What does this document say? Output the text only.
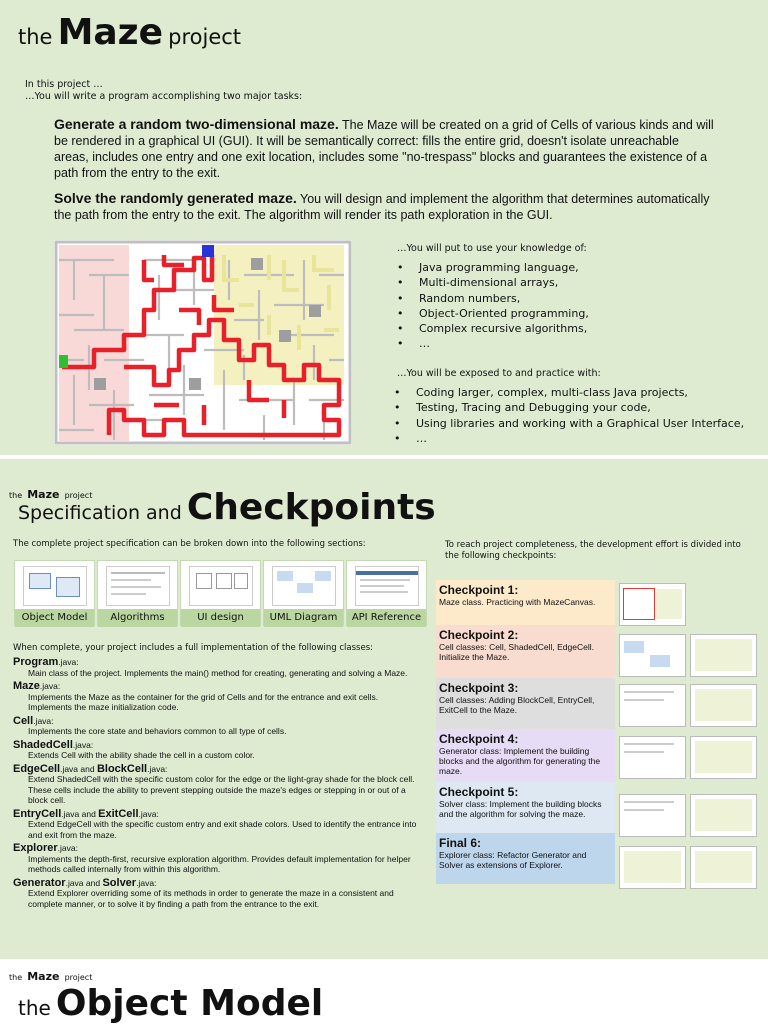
the Maze project
In this project …
…You will write a program accomplishing two major tasks:
Generate a random two-dimensional maze. The Maze will be created on a grid of Cells of various kinds and will be rendered in a graphical UI (GUI). It will be semantically correct: fills the entire grid, doesn't isolate unreachable areas, includes one entry and one exit location, includes some "no-trespass" blocks and guarantees the existence of a path from the entry to the exit.
Solve the randomly generated maze. You will design and implement the algorithm that determines automatically the path from the entry to the exit. The algorithm will render its path exploration in the GUI.
…You will put to use your knowledge of:
• Java programming language,
• Multi-dimensional arrays,
• Random numbers,
• Object-Oriented programming,
• Complex recursive algorithms,
• …
…You will be exposed to and practice with:
• Coding larger, complex, multi-class Java projects,
• Testing, Tracing and Debugging your code,
• Using libraries and working with a Graphical User Interface,
• …
the Maze project
Specification and Checkpoints
The complete project specification can be broken down into the following sections:
Object Model	Algorithms	UI design	UML Diagram	API Reference
When complete, your project includes a full implementation of the following classes:
Program.java:
Main class of the project. Implements the main() method for creating, generating and solving a Maze.
Maze.java:
Implements the Maze as the container for the grid of Cells and for the entrance and exit cells. Implements the maze initialization code.
Cell.java:
Implements the core state and behaviors common to all type of cells.
ShadedCell.java:
Extends Cell with the ability shade the cell in a custom color.
EdgeCell.java and BlockCell.java:
Extend ShadedCell with the specific custom color for the edge or the light-gray shade for the block cell. These cells include the ability to prevent stepping outside the maze's edges or stepping in or out of a block cell.
EntryCell.java and ExitCell.java:
Extend EdgeCell with the specific custom entry and exit shade colors. Used to identify the entrance into and exit from the maze.
Explorer.java:
Implements the depth-first, recursive exploration algorithm. Provides default implementation for helper methods called internally from within this algorithm.
Generator.java and Solver.java:
Extend Explorer overriding some of its methods in order to generate the maze in a consistent and complete manner, or to solve it by finding a path from the entrance to the exit.
To reach project completeness, the development effort is divided into the following checkpoints:
Checkpoint 1:
Maze class. Practicing with MazeCanvas.
Checkpoint 2:
Cell classes: Cell, ShadedCell, EdgeCell. Initialize the Maze.
Checkpoint 3:
Cell classes: Adding BlockCell, EntryCell, ExitCell to the Maze.
Checkpoint 4:
Generator class: Implement the building blocks and the algorithm for generating the maze.
Checkpoint 5:
Solver class: Implement the building blocks and the algorithm for solving the maze.
Final 6:
Explorer class: Refactor Generator and Solver as extensions of Explorer.
the Maze project
the Object Model
